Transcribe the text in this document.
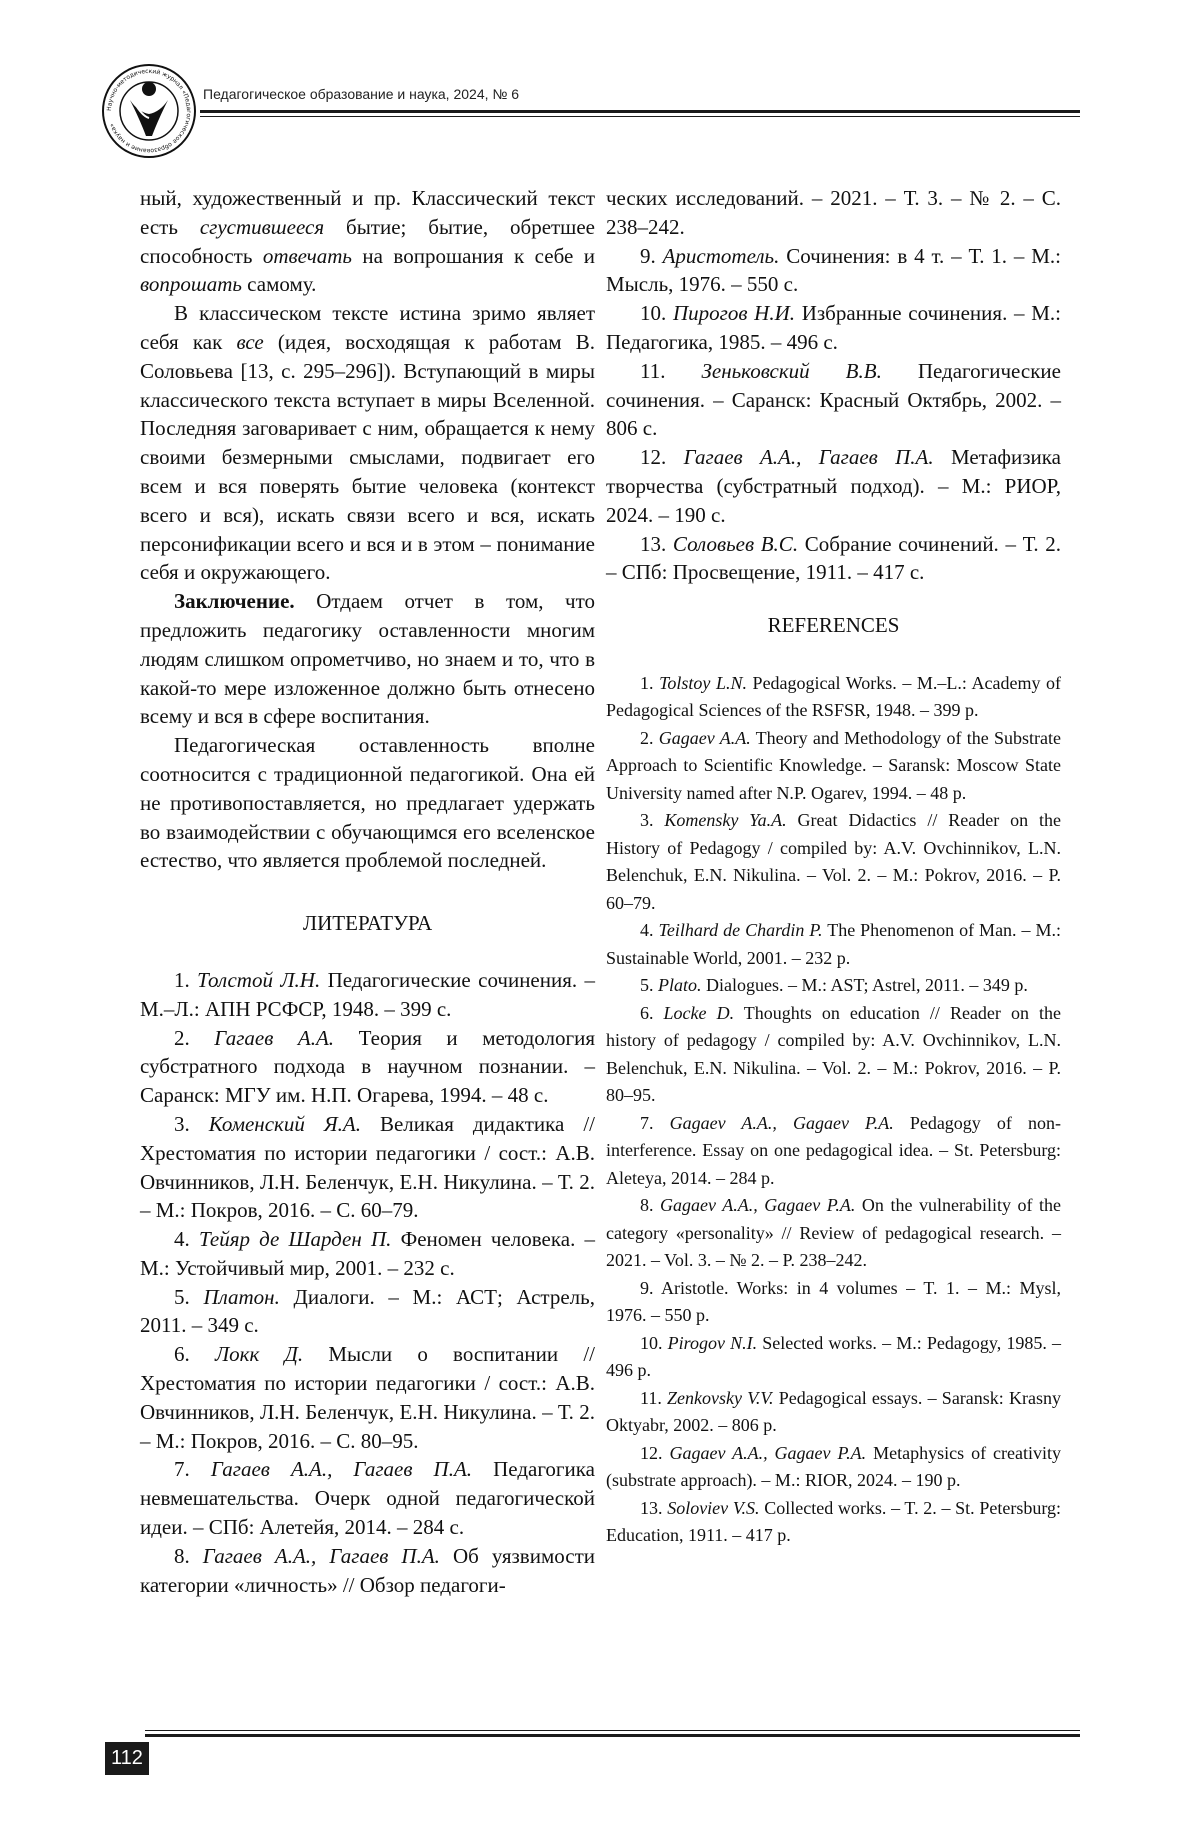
Научно-методический журнал «Педагогическое образование и наука»
Педагогическое образование и наука, 2024, № 6

ный, художественный и пр. Классический текст есть сгустившееся бытие; бытие, обретшее способность отвечать на вопрошания к себе и вопрошать самому.

В классическом тексте истина зримо являет себя как все (идея, восходящая к работам В. Соловьева [13, с. 295–296]). Вступающий в миры классического текста вступает в миры Вселенной. Последняя заговаривает с ним, обращается к нему своими безмерными смыслами, подвигает его всем и вся поверять бытие человека (контекст всего и вся), искать связи всего и вся, искать персонификации всего и вся и в этом – понимание себя и окружающего.

Заключение. Отдаем отчет в том, что предложить педагогику оставленности многим людям слишком опрометчиво, но знаем и то, что в какой-то мере изложенное должно быть отнесено всему и вся в сфере воспитания.

Педагогическая оставленность вполне соотносится с традиционной педагогикой. Она ей не противопоставляется, но предлагает удержать во взаимодействии с обучающимся его вселенское естество, что является проблемой последней.

ЛИТЕРАТУРА

1. Толстой Л.Н. Педагогические сочинения. – М.–Л.: АПН РСФСР, 1948. – 399 с.

2. Гагаев А.А. Теория и методология субстратного подхода в научном познании. – Саранск: МГУ им. Н.П. Огарева, 1994. – 48 с.

3. Коменский Я.А. Великая дидактика // Хрестоматия по истории педагогики / сост.: А.В. Овчинников, Л.Н. Беленчук, Е.Н. Никулина. – Т. 2. – М.: Покров, 2016. – С. 60–79.

4. Тейяр де Шарден П. Феномен человека. – М.: Устойчивый мир, 2001. – 232 с.

5. Платон. Диалоги. – М.: АСТ; Астрель, 2011. – 349 с.

6. Локк Д. Мысли о воспитании // Хрестоматия по истории педагогики / сост.: А.В. Овчинников, Л.Н. Беленчук, Е.Н. Никулина. – Т. 2. – М.: Покров, 2016. – С. 80–95.

7. Гагаев А.А., Гагаев П.А. Педагогика невмешательства. Очерк одной педагогической идеи. – СПб: Алетейя, 2014. – 284 с.

8. Гагаев А.А., Гагаев П.А. Об уязвимости категории «личность» // Обзор педагоги-

ческих исследований. – 2021. – Т. 3. – № 2. – С. 238–242.

9. Аристотель. Сочинения: в 4 т. – Т. 1. – М.: Мысль, 1976. – 550 с.

10. Пирогов Н.И. Избранные сочинения. – М.: Педагогика, 1985. – 496 с.

11. Зеньковский В.В. Педагогические сочинения. – Саранск: Красный Октябрь, 2002. – 806 с.

12. Гагаев А.А., Гагаев П.А. Метафизика творчества (субстратный подход). – М.: РИОР, 2024. – 190 с.

13. Соловьев В.С. Собрание сочинений. – Т. 2. – СПб: Просвещение, 1911. – 417 с.

REFERENCES

1. Tolstoy L.N. Pedagogical Works. – M.–L.: Academy of Pedagogical Sciences of the RSFSR, 1948. – 399 p.

2. Gagaev A.A. Theory and Methodology of the Substrate Approach to Scientific Knowledge. – Saransk: Moscow State University named after N.P. Ogarev, 1994. – 48 p.

3. Komensky Ya.A. Great Didactics // Reader on the History of Pedagogy / compiled by: A.V. Ovchinnikov, L.N. Belenchuk, E.N. Nikulina. – Vol. 2. – M.: Pokrov, 2016. – P. 60–79.

4. Teilhard de Chardin P. The Phenomenon of Man. – M.: Sustainable World, 2001. – 232 p.

5. Plato. Dialogues. – M.: AST; Astrel, 2011. – 349 p.

6. Locke D. Thoughts on education // Reader on the history of pedagogy / compiled by: A.V. Ovchinnikov, L.N. Belenchuk, E.N. Nikulina. – Vol. 2. – M.: Pokrov, 2016. – P. 80–95.

7. Gagaev A.A., Gagaev P.A. Pedagogy of non-interference. Essay on one pedagogical idea. – St. Petersburg: Aleteya, 2014. – 284 p.

8. Gagaev A.A., Gagaev P.A. On the vulnerability of the category «personality» // Review of pedagogical research. – 2021. – Vol. 3. – № 2. – P. 238–242.

9. Aristotle. Works: in 4 volumes – T. 1. – M.: Mysl, 1976. – 550 p.

10. Pirogov N.I. Selected works. – M.: Pedagogy, 1985. – 496 p.

11. Zenkovsky V.V. Pedagogical essays. – Saransk: Krasny Oktyabr, 2002. – 806 p.

12. Gagaev A.A., Gagaev P.A. Metaphysics of creativity (substrate approach). – M.: RIOR, 2024. – 190 p.

13. Soloviev V.S. Collected works. – T. 2. – St. Petersburg: Education, 1911. – 417 p.

112
